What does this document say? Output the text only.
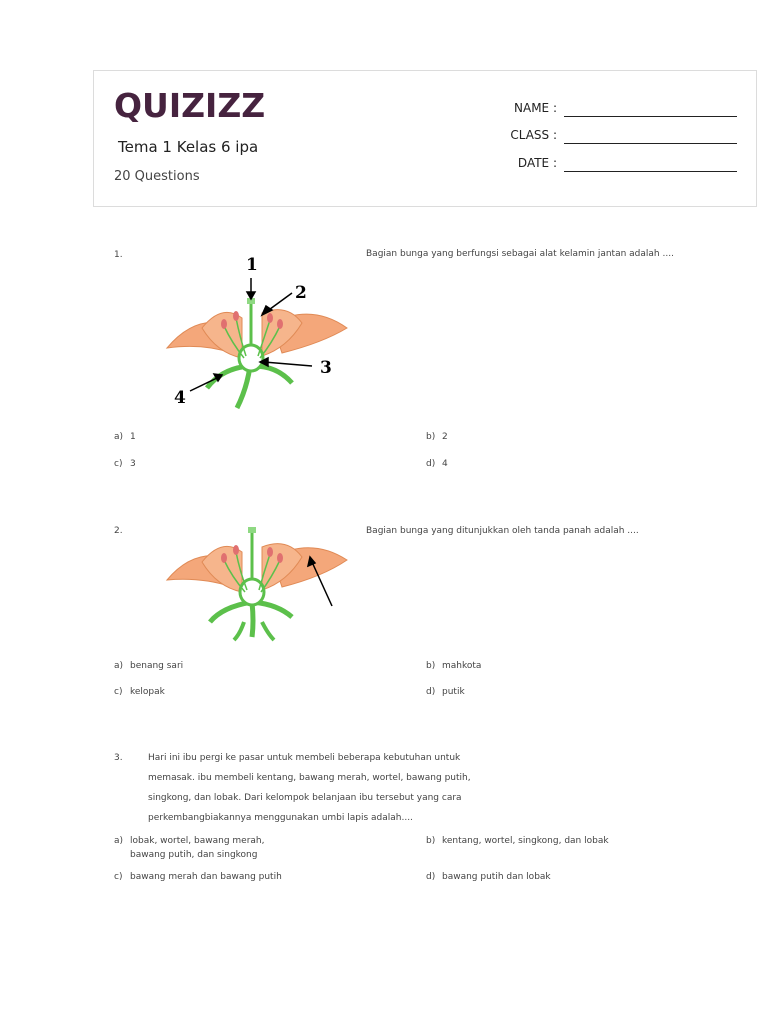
QUIZIZZ
Tema 1 Kelas 6 ipa
20 Questions
NAME :
CLASS :
DATE :
1.	Bagian bunga yang berfungsi sebagai alat kelamin jantan adalah ....
1
2
3
4
a) 1	b) 2
c) 3	d) 4
2.	Bagian bunga yang ditunjukkan oleh tanda panah adalah ....
a) benang sari	b) mahkota
c) kelopak	d) putik
3.	Hari ini ibu pergi ke pasar untuk membeli beberapa kebutuhan untuk
memasak. ibu membeli kentang, bawang merah, wortel, bawang putih,
singkong, dan lobak. Dari kelompok belanjaan ibu tersebut yang cara
perkembangbiakannya menggunakan umbi lapis adalah....
a) lobak, wortel, bawang merah,
bawang putih, dan singkong
b) kentang, wortel, singkong, dan lobak
c) bawang merah dan bawang putih	d) bawang putih dan lobak
